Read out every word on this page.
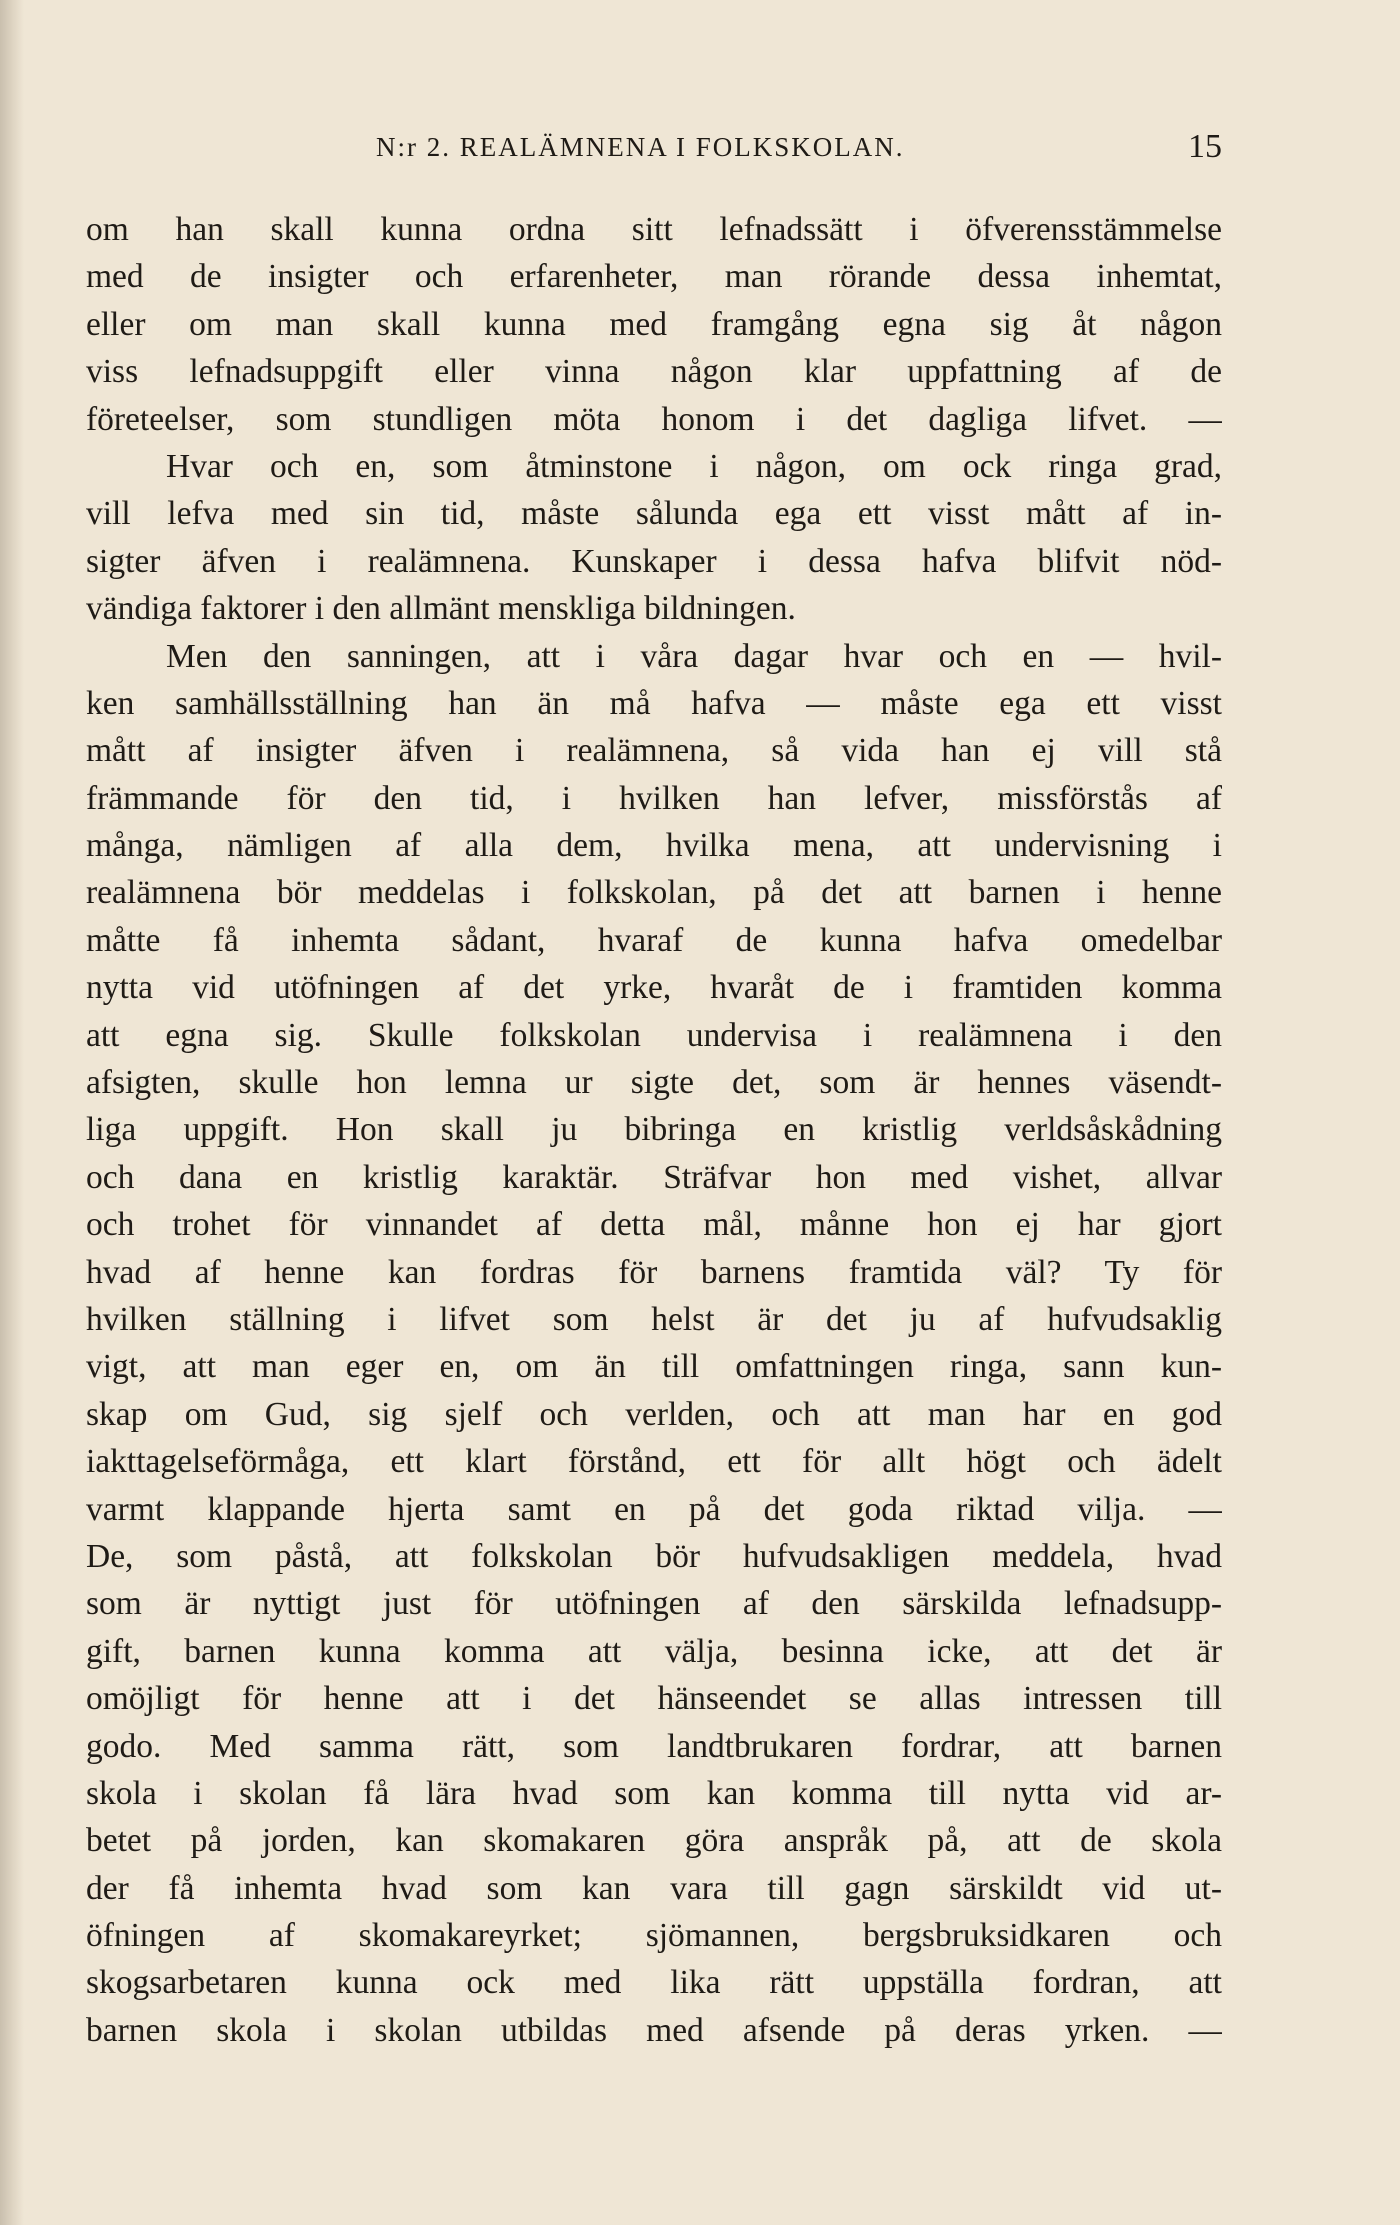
N:r 2. REALÄMNENA I FOLKSKOLAN.	15
om han skall kunna ordna sitt lefnadssätt i öfverensstämmelse
med de insigter och erfarenheter, man rörande dessa inhemtat,
eller om man skall kunna med framgång egna sig åt någon
viss lefnadsuppgift eller vinna någon klar uppfattning af de
företeelser, som stundligen möta honom i det dagliga lifvet. —
Hvar och en, som åtminstone i någon, om ock ringa grad,
vill lefva med sin tid, måste sålunda ega ett visst mått af in-
sigter äfven i realämnena. Kunskaper i dessa hafva blifvit nöd-
vändiga faktorer i den allmänt menskliga bildningen.
Men den sanningen, att i våra dagar hvar och en — hvil-
ken samhällsställning han än må hafva — måste ega ett visst
mått af insigter äfven i realämnena, så vida han ej vill stå
främmande för den tid, i hvilken han lefver, missförstås af
många, nämligen af alla dem, hvilka mena, att undervisning i
realämnena bör meddelas i folkskolan, på det att barnen i henne
måtte få inhemta sådant, hvaraf de kunna hafva omedelbar
nytta vid utöfningen af det yrke, hvaråt de i framtiden komma
att egna sig. Skulle folkskolan undervisa i realämnena i den
afsigten, skulle hon lemna ur sigte det, som är hennes väsendt-
liga uppgift. Hon skall ju bibringa en kristlig verldsåskådning
och dana en kristlig karaktär. Sträfvar hon med vishet, allvar
och trohet för vinnandet af detta mål, månne hon ej har gjort
hvad af henne kan fordras för barnens framtida väl? Ty för
hvilken ställning i lifvet som helst är det ju af hufvudsaklig
vigt, att man eger en, om än till omfattningen ringa, sann kun-
skap om Gud, sig sjelf och verlden, och att man har en god
iakttagelseförmåga, ett klart förstånd, ett för allt högt och ädelt
varmt klappande hjerta samt en på det goda riktad vilja. —
De, som påstå, att folkskolan bör hufvudsakligen meddela, hvad
som är nyttigt just för utöfningen af den särskilda lefnadsupp-
gift, barnen kunna komma att välja, besinna icke, att det är
omöjligt för henne att i det hänseendet se allas intressen till
godo. Med samma rätt, som landtbrukaren fordrar, att barnen
skola i skolan få lära hvad som kan komma till nytta vid ar-
betet på jorden, kan skomakaren göra anspråk på, att de skola
der få inhemta hvad som kan vara till gagn särskildt vid ut-
öfningen af skomakareyrket; sjömannen, bergsbruksidkaren och
skogsarbetaren kunna ock med lika rätt uppställa fordran, att
barnen skola i skolan utbildas med afsende på deras yrken. —
